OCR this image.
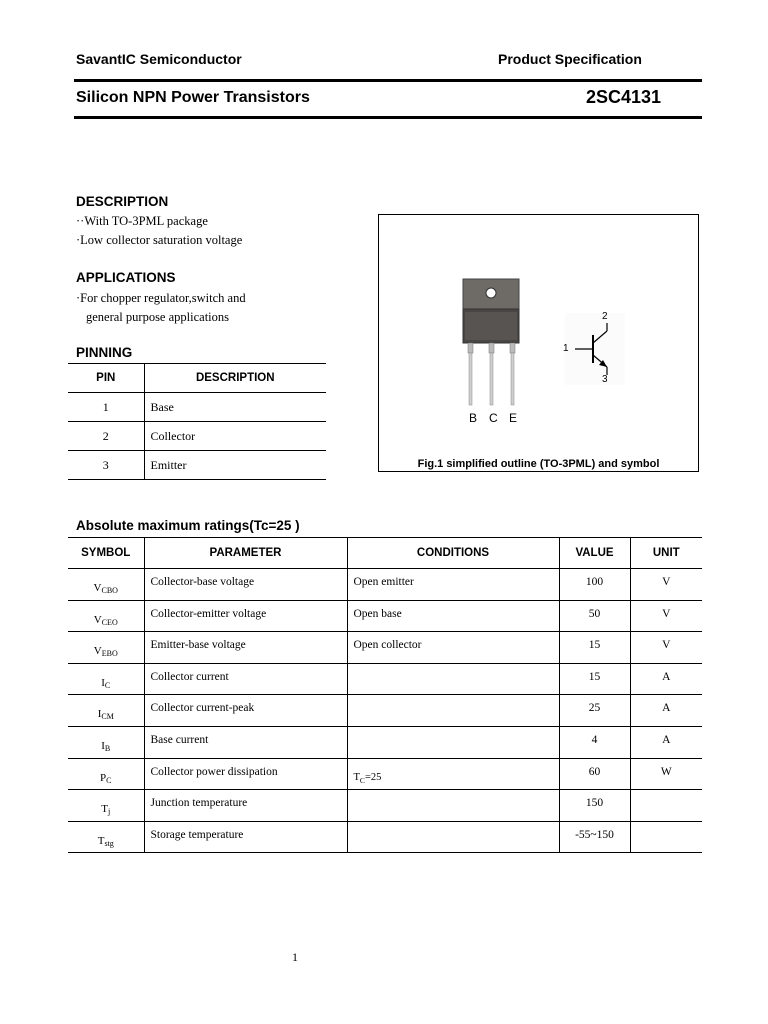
SavantIC Semiconductor	Product Specification
Silicon NPN Power Transistors	2SC4131
DESCRIPTION
··With TO-3PML package
·Low collector saturation voltage
APPLICATIONS
·For chopper regulator,switch and
general purpose applications
PINNING
PIN	DESCRIPTION
1	Base
2	Collector
3	Emitter
B C E
2
1
3
Fig.1 simplified outline (TO-3PML) and symbol
Absolute maximum ratings(Tc=25 )
SYMBOL	PARAMETER	CONDITIONS	VALUE	UNIT
$V_{CBO}$	Collector-base voltage	Open emitter	100	V
$V_{CEO}$	Collector-emitter voltage	Open base	50	V
$V_{EBO}$	Emitter-base voltage	Open collector	15	V
$I_C$	Collector current		15	A
$I_{CM}$	Collector current-peak		25	A
$I_B$	Base current		4	A
$P_C$	Collector power dissipation	$T_C=25$	60	W
$T_j$	Junction temperature		150	
$T_{stg}$	Storage temperature		-55~150	
1
